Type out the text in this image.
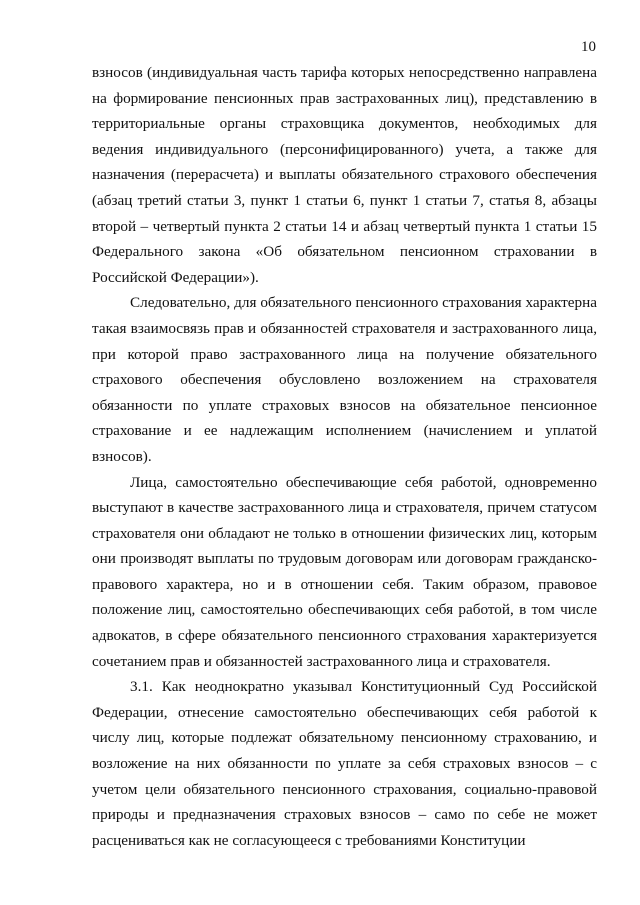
10

взносов (индивидуальная часть тарифа которых непосредственно направлена на формирование пенсионных прав застрахованных лиц), представлению в территориальные органы страховщика документов, необходимых для ведения индивидуального (персонифицированного) учета, а также для назначения (перерасчета) и выплаты обязательного страхового обеспечения (абзац третий статьи 3, пункт 1 статьи 6, пункт 1 статьи 7, статья 8, абзацы второй – четвертый пункта 2 статьи 14 и абзац четвертый пункта 1 статьи 15 Федерального закона «Об обязательном пенсионном страховании в Российской Федерации»).

Следовательно, для обязательного пенсионного страхования характерна такая взаимосвязь прав и обязанностей страхователя и застрахованного лица, при которой право застрахованного лица на получение обязательного страхового обеспечения обусловлено возложением на страхователя обязанности по уплате страховых взносов на обязательное пенсионное страхование и ее надлежащим исполнением (начислением и уплатой взносов).

Лица, самостоятельно обеспечивающие себя работой, одновременно выступают в качестве застрахованного лица и страхователя, причем статусом страхователя они обладают не только в отношении физических лиц, которым они производят выплаты по трудовым договорам или договорам гражданско-правового характера, но и в отношении себя. Таким образом, правовое положение лиц, самостоятельно обеспечивающих себя работой, в том числе адвокатов, в сфере обязательного пенсионного страхования характеризуется сочетанием прав и обязанностей застрахованного лица и страхователя.

3.1. Как неоднократно указывал Конституционный Суд Российской Федерации, отнесение самостоятельно обеспечивающих себя работой к числу лиц, которые подлежат обязательному пенсионному страхованию, и возложение на них обязанности по уплате за себя страховых взносов – с учетом цели обязательного пенсионного страхования, социально-правовой природы и предназначения страховых взносов – само по себе не может расцениваться как не согласующееся с требованиями Конституции
